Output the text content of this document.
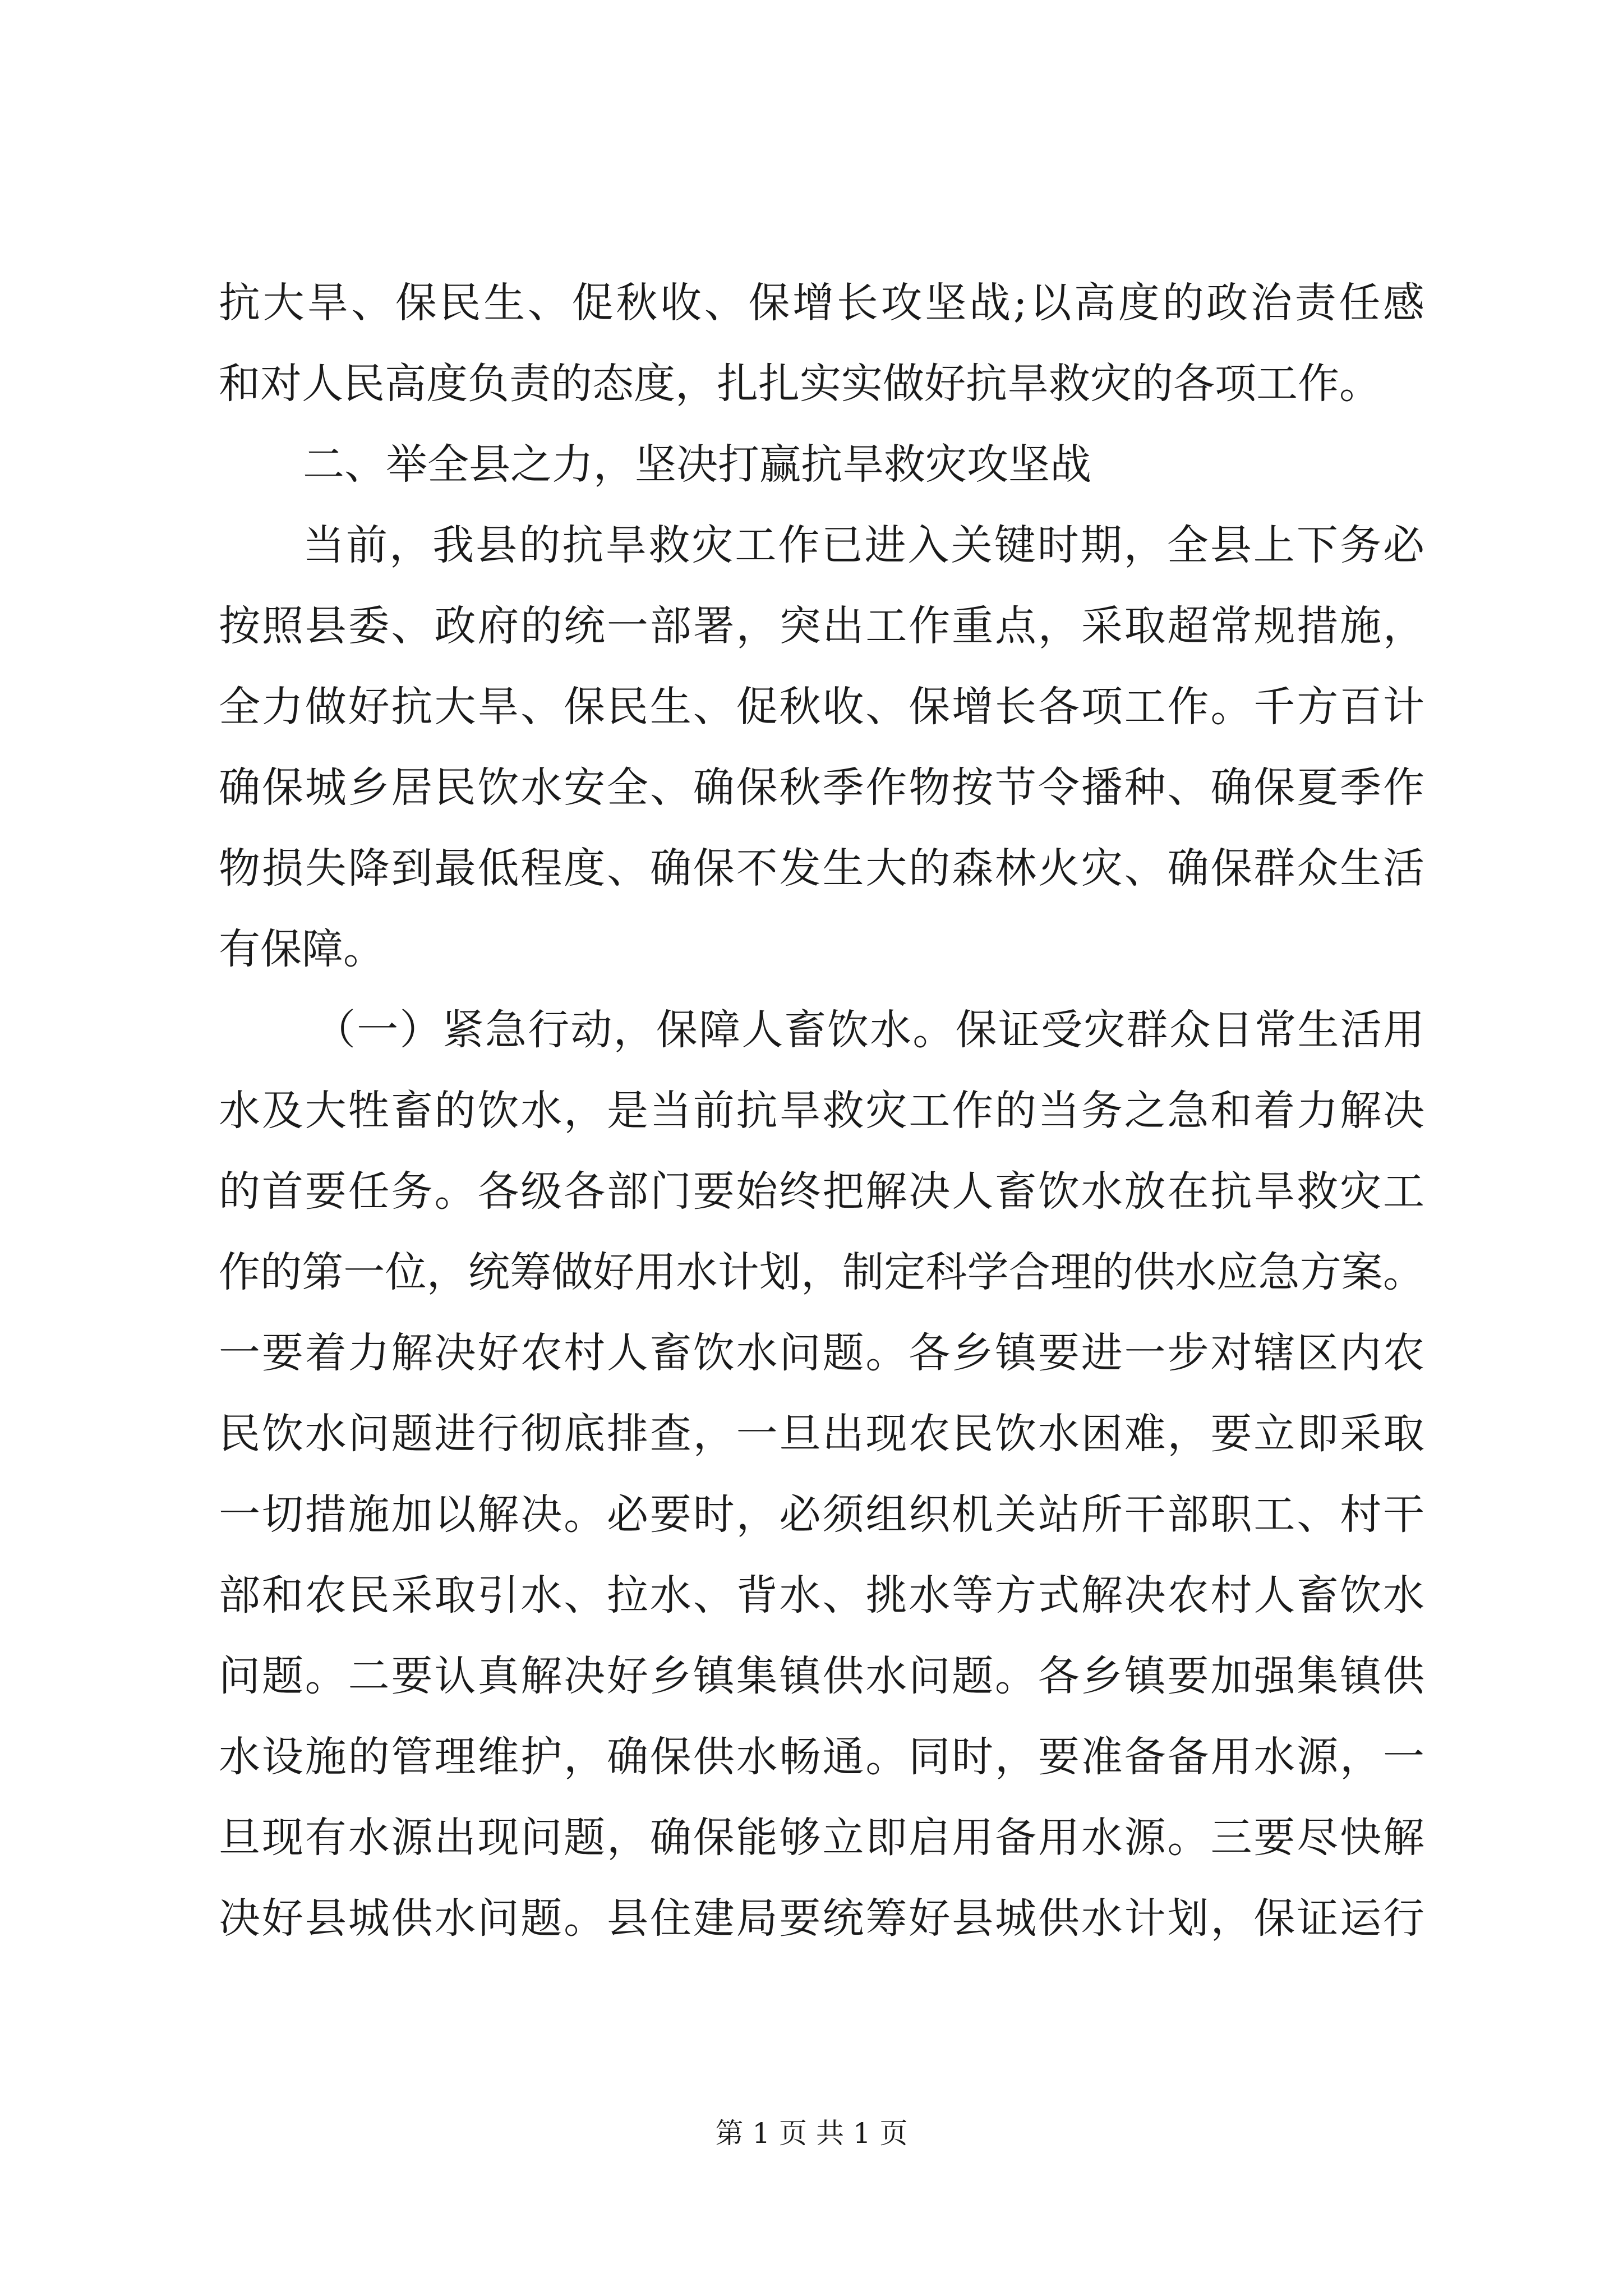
抗大旱、保民生、促秋收、保增长攻坚战;以高度的政治责任感
和对人民高度负责的态度，扎扎实实做好抗旱救灾的各项工作。
二、举全县之力，坚决打赢抗旱救灾攻坚战
当前，我县的抗旱救灾工作已进入关键时期，全县上下务必
按照县委、政府的统一部署，突出工作重点，采取超常规措施，
全力做好抗大旱、保民生、促秋收、保增长各项工作。千方百计
确保城乡居民饮水安全、确保秋季作物按节令播种、确保夏季作
物损失降到最低程度、确保不发生大的森林火灾、确保群众生活
有保障。
（一）紧急行动，保障人畜饮水。保证受灾群众日常生活用
水及大牲畜的饮水，是当前抗旱救灾工作的当务之急和着力解决
的首要任务。各级各部门要始终把解决人畜饮水放在抗旱救灾工
作的第一位，统筹做好用水计划，制定科学合理的供水应急方案。
一要着力解决好农村人畜饮水问题。各乡镇要进一步对辖区内农
民饮水问题进行彻底排查，一旦出现农民饮水困难，要立即采取
一切措施加以解决。必要时，必须组织机关站所干部职工、村干
部和农民采取引水、拉水、背水、挑水等方式解决农村人畜饮水
问题。二要认真解决好乡镇集镇供水问题。各乡镇要加强集镇供
水设施的管理维护，确保供水畅通。同时，要准备备用水源，一
旦现有水源出现问题，确保能够立即启用备用水源。三要尽快解
决好县城供水问题。县住建局要统筹好县城供水计划，保证运行
第 1 页 共 1 页
